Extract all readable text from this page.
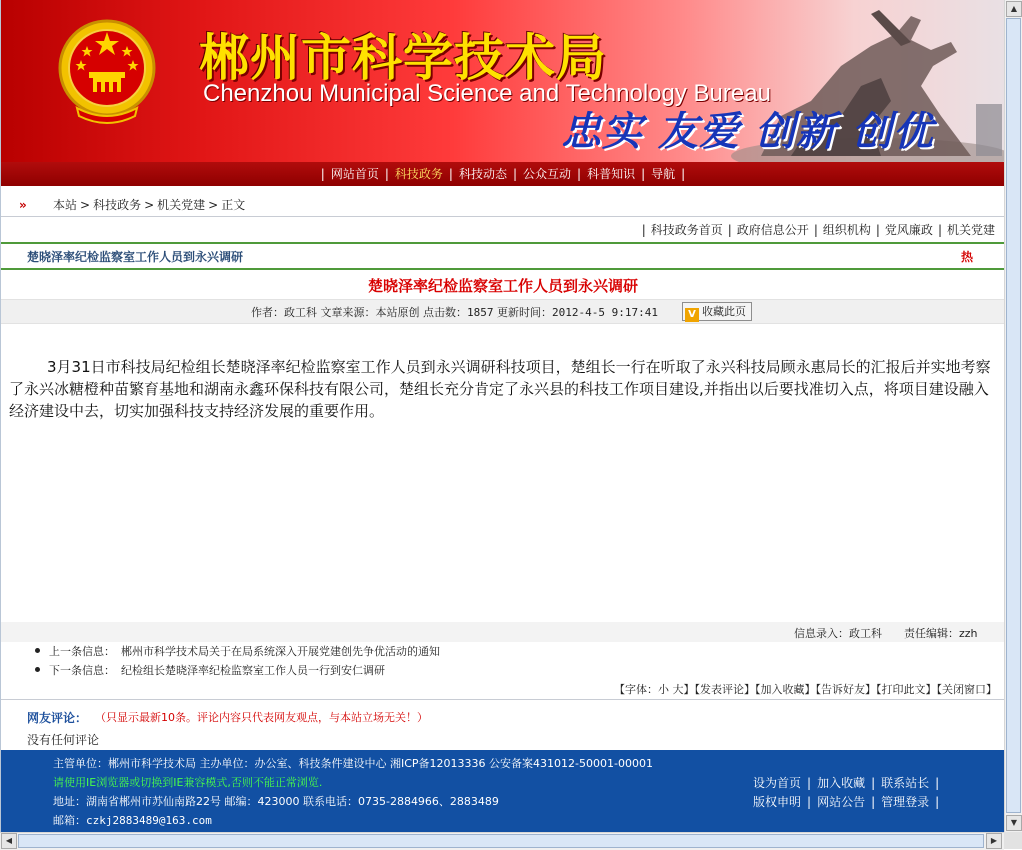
郴州市科学技术局
Chenzhou Municipal Science and Technology Bureau
忠实 友爱 创新 创优
| 网站首页 | 科技政务 | 科技动态 | 公众互动 | 科普知识 | 导航 |
» 本站 > 科技政务 > 机关党建 > 正文
| 科技政务首页 | 政府信息公开 | 组织机构 | 党风廉政 | 机关党建
楚晓泽率纪检监察室工作人员到永兴调研	热
楚晓泽率纪检监察室工作人员到永兴调研
作者：政工科 文章来源：本站原创 点击数：1857 更新时间：2012-4-5 9:17:41	V 收藏此页
3月31日市科技局纪检组长楚晓泽率纪检监察室工作人员到永兴调研科技项目，楚组长一行在听取了永兴科技局顾永惠局长的汇报后并实地考察了永兴冰糖橙种苗繁育基地和湖南永鑫环保科技有限公司，楚组长充分肯定了永兴县的科技工作项目建设,并指出以后要找准切入点，将项目建设融入经济建设中去，切实加强科技支持经济发展的重要作用。
信息录入：政工科 责任编辑：zzh
上一条信息： 郴州市科学技术局关于在局系统深入开展党建创先争优活动的通知
下一条信息： 纪检组长楚晓泽率纪检监察室工作人员一行到安仁调研
【字体：小 大】【发表评论】【加入收藏】【告诉好友】【打印此文】【关闭窗口】
网友评论： （只显示最新10条。评论内容只代表网友观点，与本站立场无关！）
没有任何评论
主管单位：郴州市科学技术局 主办单位：办公室、科技条件建设中心 湘ICP备12013336 公安备案431012-50001-00001
请使用IE浏览器或切换到IE兼容模式,否则不能正常浏览.
地址：湖南省郴州市苏仙南路22号 邮编：423000 联系电话：0735-2884966、2883489
邮箱：czkj2883489@163.com
设为首页 | 加入收藏 | 联系站长 |
版权申明 | 网站公告 | 管理登录 |
▲
▼
◀	▶
